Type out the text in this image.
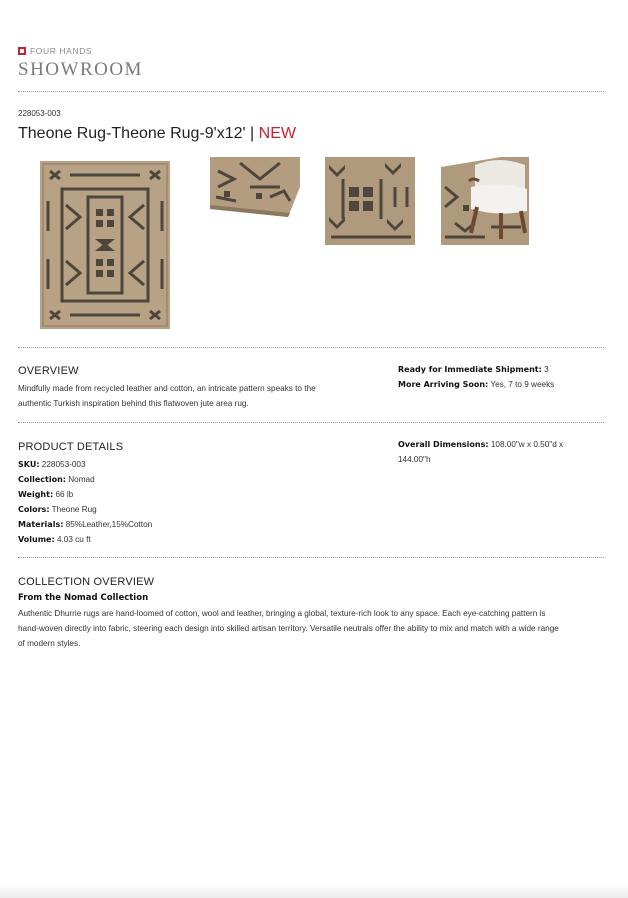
FOUR HANDS
SHOWROOM
228053-003
Theone Rug-Theone Rug-9'x12' | NEW
OVERVIEW
Mindfully made from recycled leather and cotton, an intricate pattern speaks to the
authentic Turkish inspiration behind this flatwoven jute area rug.
Ready for Immediate Shipment: 3
More Arriving Soon: Yes, 7 to 9 weeks
PRODUCT DETAILS
SKU: 228053-003
Collection: Nomad
Weight: 66 lb
Colors: Theone Rug
Materials: 85%Leather,15%Cotton
Volume: 4.03 cu ft
Overall Dimensions: 108.00"w x 0.50"d x
144.00"h
COLLECTION OVERVIEW
From the Nomad Collection
Authentic Dhurrie rugs are hand-loomed of cotton, wool and leather, bringing a global, texture-rich look to any space. Each eye-catching pattern is
hand-woven directly into fabric, steering each design into skilled artisan territory. Versatile neutrals offer the ability to mix and match with a wide range
of modern styles.
